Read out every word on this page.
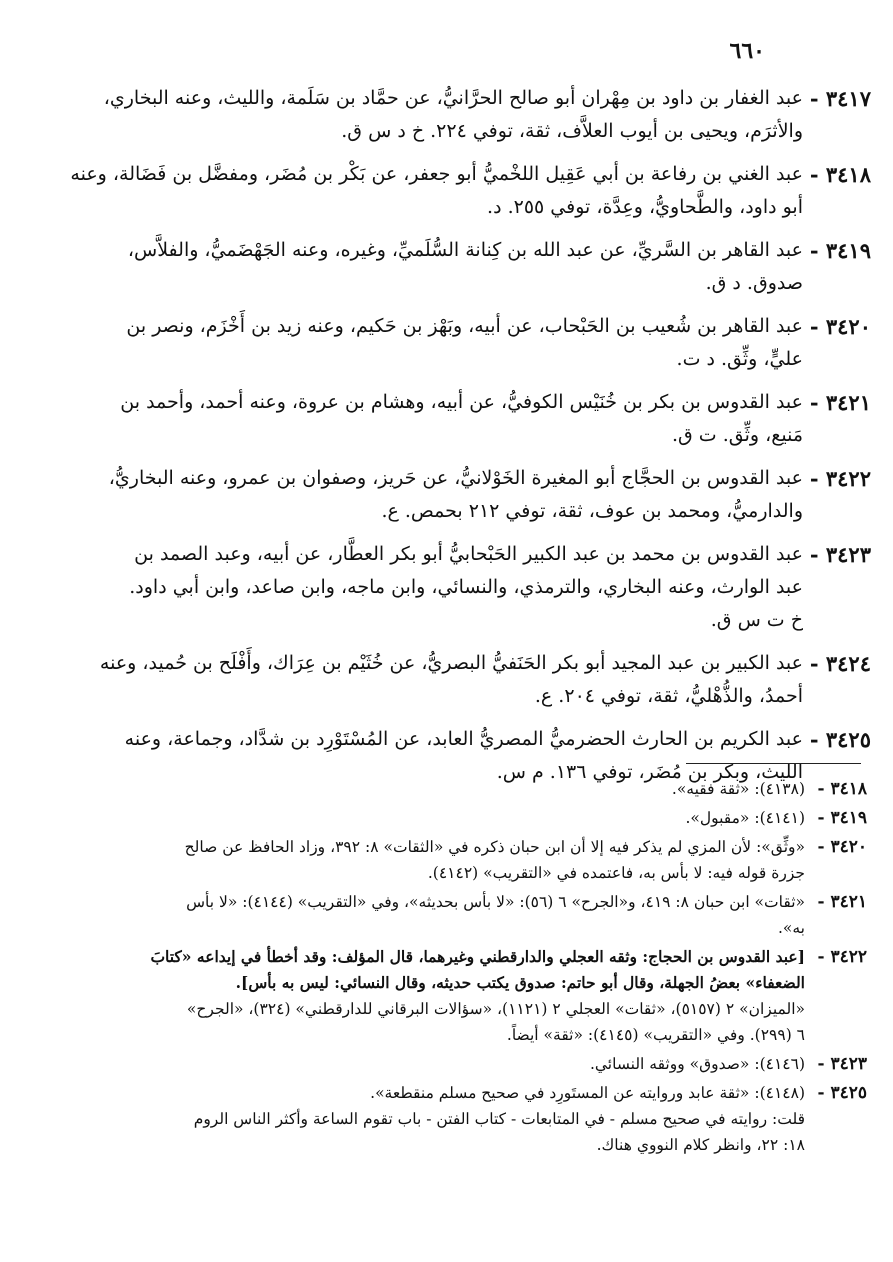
٦٦٠
٣٤١٧ -
عبد الغفار بن داود بن مِهْران أبو صالح الحرَّانيُّ، عن حمَّاد بن سَلَمة، والليث، وعنه البخاري،
والأثرَم، ويحيى بن أيوب العلاَّف، ثقة، توفي ٢٢٤. خ د س ق.
٣٤١٨ -
عبد الغني بن رفاعة بن أبي عَقِيل اللخْميُّ أبو جعفر، عن بَكْر بن مُضَر، ومفضَّل بن فَضَالة، وعنه
أبو داود، والطَّحاويُّ، وعِدَّة، توفي ٢٥٥. د.
٣٤١٩ -
عبد القاهر بن السَّريِّ، عن عبد الله بن كِنانة السُّلَميِّ، وغيره، وعنه الجَهْضَميُّ، والفلاَّس،
صدوق. د ق.
٣٤٢٠ -
عبد القاهر بن شُعيب بن الحَبْحاب، عن أبيه، وبَهْز بن حَكيم، وعنه زيد بن أَخْزَم، ونصر بن
عليٍّ، وثِّق. د ت.
٣٤٢١ -
عبد القدوس بن بكر بن خُنَيْس الكوفيُّ، عن أبيه، وهشام بن عروة، وعنه أحمد، وأحمد بن
مَنيع، وثِّق. ت ق.
٣٤٢٢ -
عبد القدوس بن الحجَّاج أبو المغيرة الخَوْلانيُّ، عن حَريز، وصفوان بن عمرو، وعنه البخاريُّ،
والدارميُّ، ومحمد بن عوف، ثقة، توفي ٢١٢ بحمص. ع.
٣٤٢٣ -
عبد القدوس بن محمد بن عبد الكبير الحَبْحابيُّ أبو بكر العطَّار، عن أبيه، وعبد الصمد بن
عبد الوارث، وعنه البخاري، والترمذي، والنسائي، وابن ماجه، وابن صاعد، وابن أبي داود.
خ ت س ق.
٣٤٢٤ -
عبد الكبير بن عبد المجيد أبو بكر الحَنَفيُّ البصريُّ، عن خُثَيْم بن عِرَاك، وأَفْلَح بن حُميد، وعنه
أحمدُ، والذُّهْليُّ، ثقة، توفي ٢٠٤. ع.
٣٤٢٥ -
عبد الكريم بن الحارث الحضرميُّ المصريُّ العابد، عن المُسْتَوْرِد بن شدَّاد، وجماعة، وعنه
الليث، وبكر بن مُضَر، توفي ١٣٦. م س.
٣٤١٨ -
(٤١٣٨): «ثقة فقيه».
٣٤١٩ -
(٤١٤١): «مقبول».
٣٤٢٠ -
«وثِّق»: لأن المزي لم يذكر فيه إلا أن ابن حبان ذكره في «الثقات» ٨: ٣٩٢، وزاد الحافظ عن صالح
جزرة قوله فيه: لا بأس به، فاعتمده في «التقريب» (٤١٤٢).
٣٤٢١ -
«ثقات» ابن حبان ٨: ٤١٩، و«الجرح» ٦ (٥٦): «لا بأس بحديثه»، وفي «التقريب» (٤١٤٤): «لا بأس
به».
٣٤٢٢ -
[عبد القدوس بن الحجاج: وثقه العجلي والدارقطني وغيرهما، قال المؤلف: وقد أخطأ في إيداعه «كتابَ
الضعفاء» بعضُ الجهلة، وقال أبو حاتم: صدوق يكتب حديثه، وقال النسائي: ليس به بأس].
«الميزان» ٢ (٥١٥٧)، «ثقات» العجلي ٢ (١١٢١)، «سؤالات البرقاني للدارقطني» (٣٢٤)، «الجرح»
٦ (٢٩٩). وفي «التقريب» (٤١٤٥): «ثقة» أيضاً.
٣٤٢٣ -
(٤١٤٦): «صدوق» ووثقه النسائي.
٣٤٢٥ -
(٤١٤٨): «ثقة عابد وروايته عن المستَورِد في صحيح مسلم منقطعة».
قلت: روايته في صحيح مسلم - في المتابعات - كتاب الفتن - باب تقوم الساعة وأكثر الناس الروم
١٨: ٢٢، وانظر كلام النووي هناك.
